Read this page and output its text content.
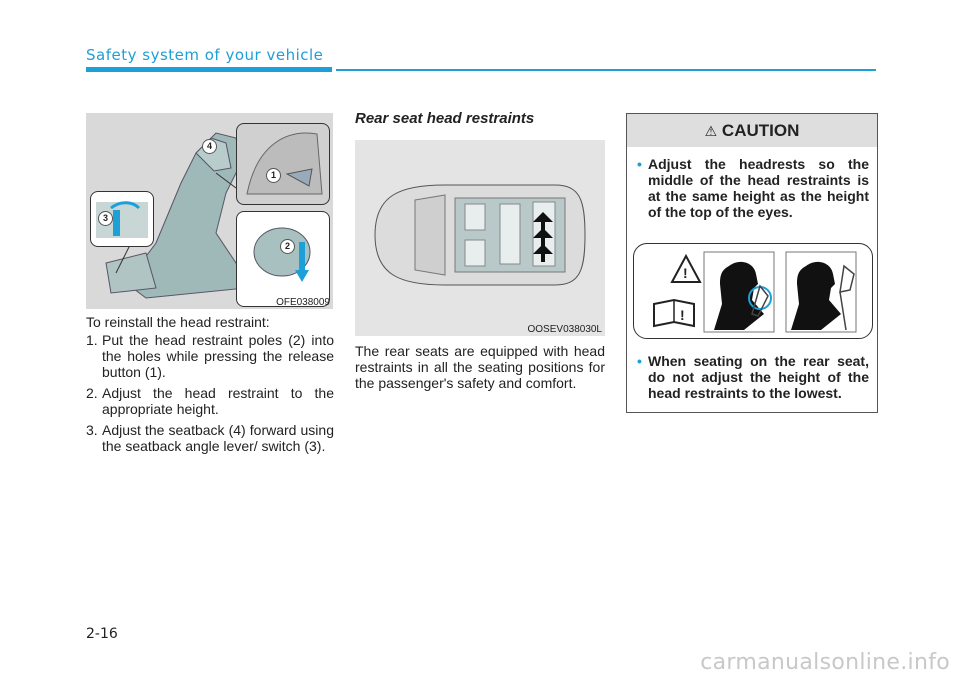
Safety system of your vehicle
1
2
3
4
OFE038009
To reinstall the head restraint:
1. Put the head restraint poles (2) into the holes while pressing the release button (1).
2. Adjust the head restraint to the appropriate height.
3. Adjust the seatback (4) forward using the seatback angle lever/ switch (3).
Rear seat head restraints
OOSEV038030L
The rear seats are equipped with head restraints in all the seating positions for the passenger's safety and comfort.
⚠ CAUTION
• Adjust the headrests so the middle of the head restraints is at the same height as the height of the top of the eyes.
!
!
• When seating on the rear seat, do not adjust the height of the head restraints to the lowest.
2-16
carmanualsonline.info
